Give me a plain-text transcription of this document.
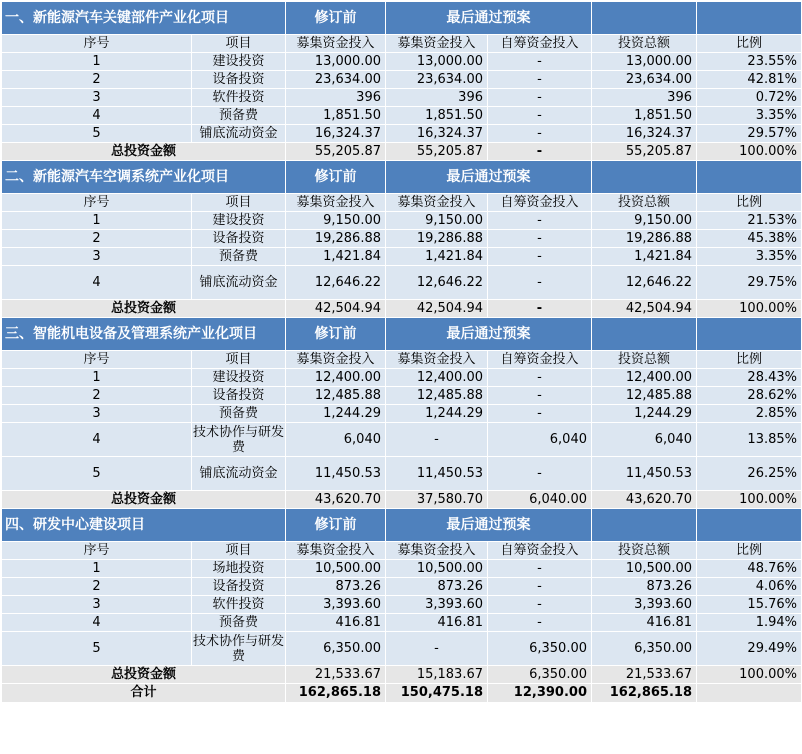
一、新能源汽车关键部件产业化项目		修订前	最后通过预案			
序号	项目	募集资金投入	募集资金投入	自筹资金投入	投资总额	比例
1	建设投资	13,000.00	13,000.00	-	13,000.00	23.55%
2	设备投资	23,634.00	23,634.00	-	23,634.00	42.81%
3	软件投资	396	396	-	396	0.72%
4	预备费	1,851.50	1,851.50	-	1,851.50	3.35%
5	铺底流动资金	16,324.37	16,324.37	-	16,324.37	29.57%
总投资金额		55,205.87	55,205.87	-	55,205.87	100.00%
二、新能源汽车空调系统产业化项目		修订前	最后通过预案			
序号	项目	募集资金投入	募集资金投入	自筹资金投入	投资总额	比例
1	建设投资	9,150.00	9,150.00	-	9,150.00	21.53%
2	设备投资	19,286.88	19,286.88	-	19,286.88	45.38%
3	预备费	1,421.84	1,421.84	-	1,421.84	3.35%
4	铺底流动资金	12,646.22	12,646.22	-	12,646.22	29.75%
总投资金额		42,504.94	42,504.94	-	42,504.94	100.00%
三、智能机电设备及管理系统产业化项目		修订前	最后通过预案			
序号	项目	募集资金投入	募集资金投入	自筹资金投入	投资总额	比例
1	建设投资	12,400.00	12,400.00	-	12,400.00	28.43%
2	设备投资	12,485.88	12,485.88	-	12,485.88	28.62%
3	预备费	1,244.29	1,244.29	-	1,244.29	2.85%
4	技术协作与研发费	6,040	-	6,040	6,040	13.85%
5	铺底流动资金	11,450.53	11,450.53	-	11,450.53	26.25%
总投资金额		43,620.70	37,580.70	6,040.00	43,620.70	100.00%
四、研发中心建设项目		修订前	最后通过预案			
序号	项目	募集资金投入	募集资金投入	自筹资金投入	投资总额	比例
1	场地投资	10,500.00	10,500.00	-	10,500.00	48.76%
2	设备投资	873.26	873.26	-	873.26	4.06%
3	软件投资	3,393.60	3,393.60	-	3,393.60	15.76%
4	预备费	416.81	416.81	-	416.81	1.94%
5	技术协作与研发费	6,350.00	-	6,350.00	6,350.00	29.49%
总投资金额		21,533.67	15,183.67	6,350.00	21,533.67	100.00%
合计		162,865.18	150,475.18	12,390.00	162,865.18	
